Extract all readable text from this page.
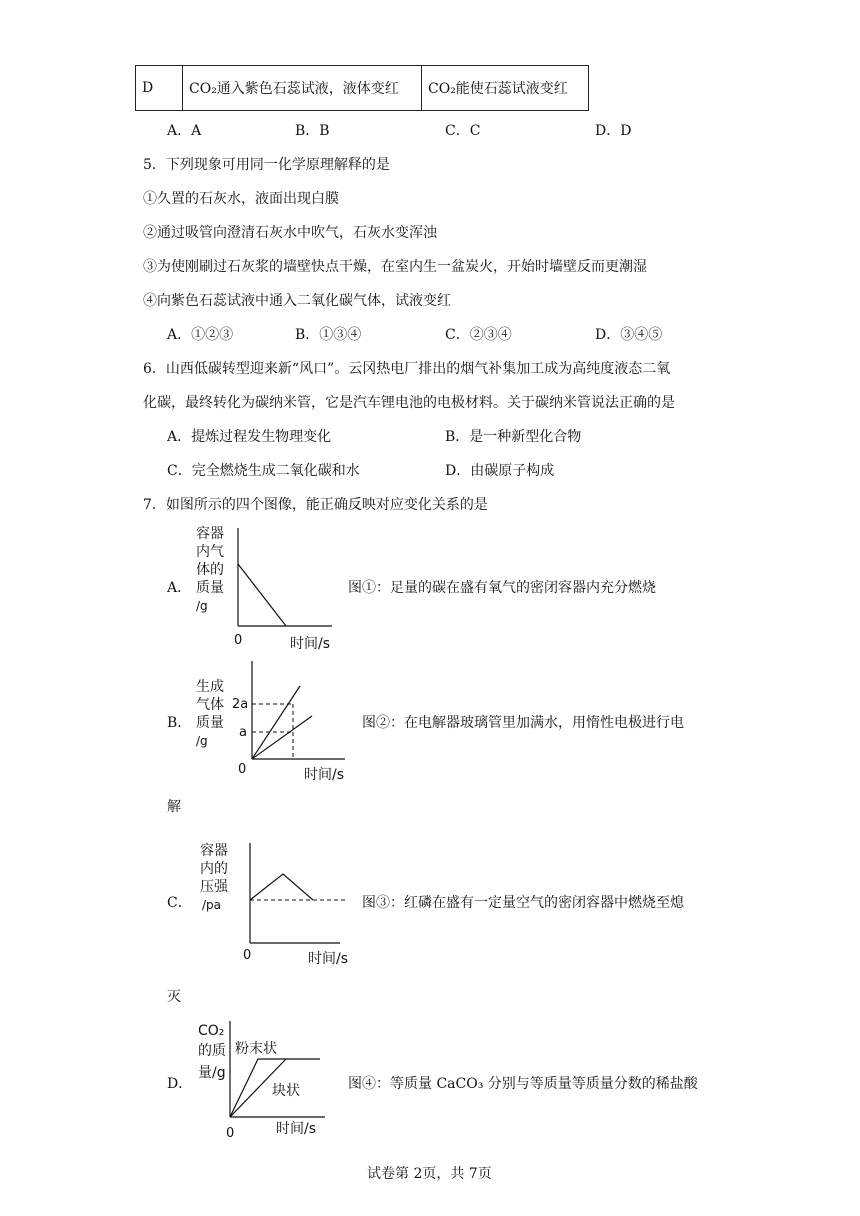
D	CO₂通入紫色石蕊试液，液体变红	CO₂能使石蕊试液变红
A．A	B．B	C．C	D．D
5．下列现象可用同一化学原理解释的是
①久置的石灰水，液面出现白膜
②通过吸管向澄清石灰水中吹气，石灰水变浑浊
③为使刚刷过石灰浆的墙壁快点干燥，在室内生一盆炭火，开始时墙壁反而更潮湿
④向紫色石蕊试液中通入二氧化碳气体，试液变红
A．①②③	B．①③④	C．②③④	D．③④⑤
6．山西低碳转型迎来新“风口”。云冈热电厂排出的烟气补集加工成为高纯度液态二氧
化碳，最终转化为碳纳米管，它是汽车锂电池的电极材料。关于碳纳米管说法正确的是
A．提炼过程发生物理变化	B．是一种新型化合物
C．完全燃烧生成二氧化碳和水	D．由碳原子构成
7．如图所示的四个图像，能正确反映对应变化关系的是
A．
容器
内气
体的
质量
/g
0	时间/s
图①：足量的碳在盛有氧气的密闭容器内充分燃烧
B．
生成
气体
质量
/g
2a
a
0	时间/s
图②：在电解器玻璃管里加满水，用惰性电极进行电
解
C．
容器
内的
压强
/pa
0	时间/s
图③：红磷在盛有一定量空气的密闭容器中燃烧至熄
灭
D．
CO₂
的质
量/g
粉末状
块状
0	时间/s
图④：等质量 CaCO₃ 分别与等质量等质量分数的稀盐酸
试卷第 2页，共 7页
